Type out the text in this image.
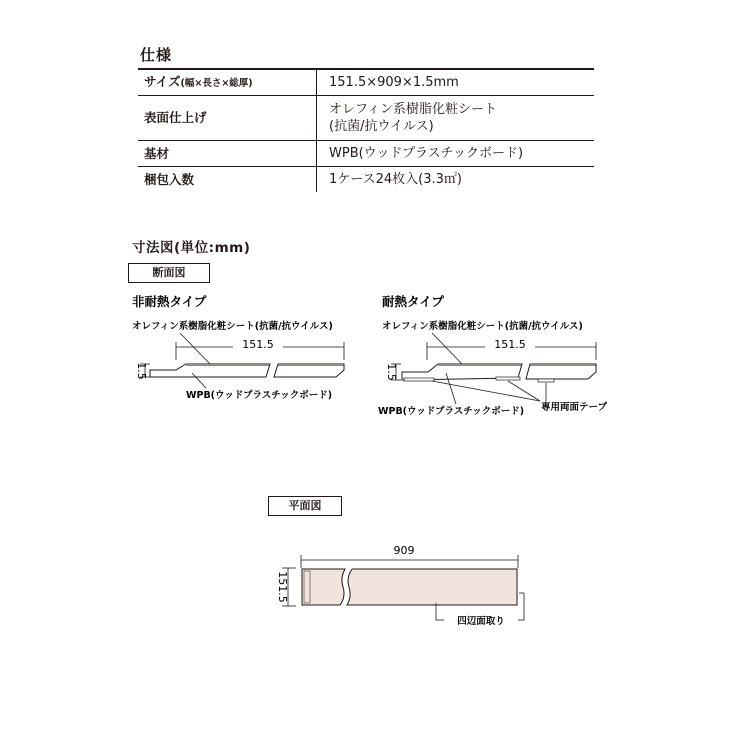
仕様
サイズ(幅×長さ×総厚)	151.5×909×1.5mm
表面仕上げ	オレフィン系樹脂化粧シート
(抗菌/抗ウイルス)

基材	WPB(ウッドプラスチックボード)
梱包入数	1ケース24枚入(3.3㎡)
寸法図(単位:mm)
断面図
平面図
非耐熱タイプ
オレフィン系樹脂化粧シート(抗菌/抗ウイルス)
151.5
1.5
WPB(ウッドプラスチックボード)
耐熱タイプ
オレフィン系樹脂化粧シート(抗菌/抗ウイルス)
151.5
1.5
WPB(ウッドプラスチックボード) 専用両面テープ
909
151.5
四辺面取り
